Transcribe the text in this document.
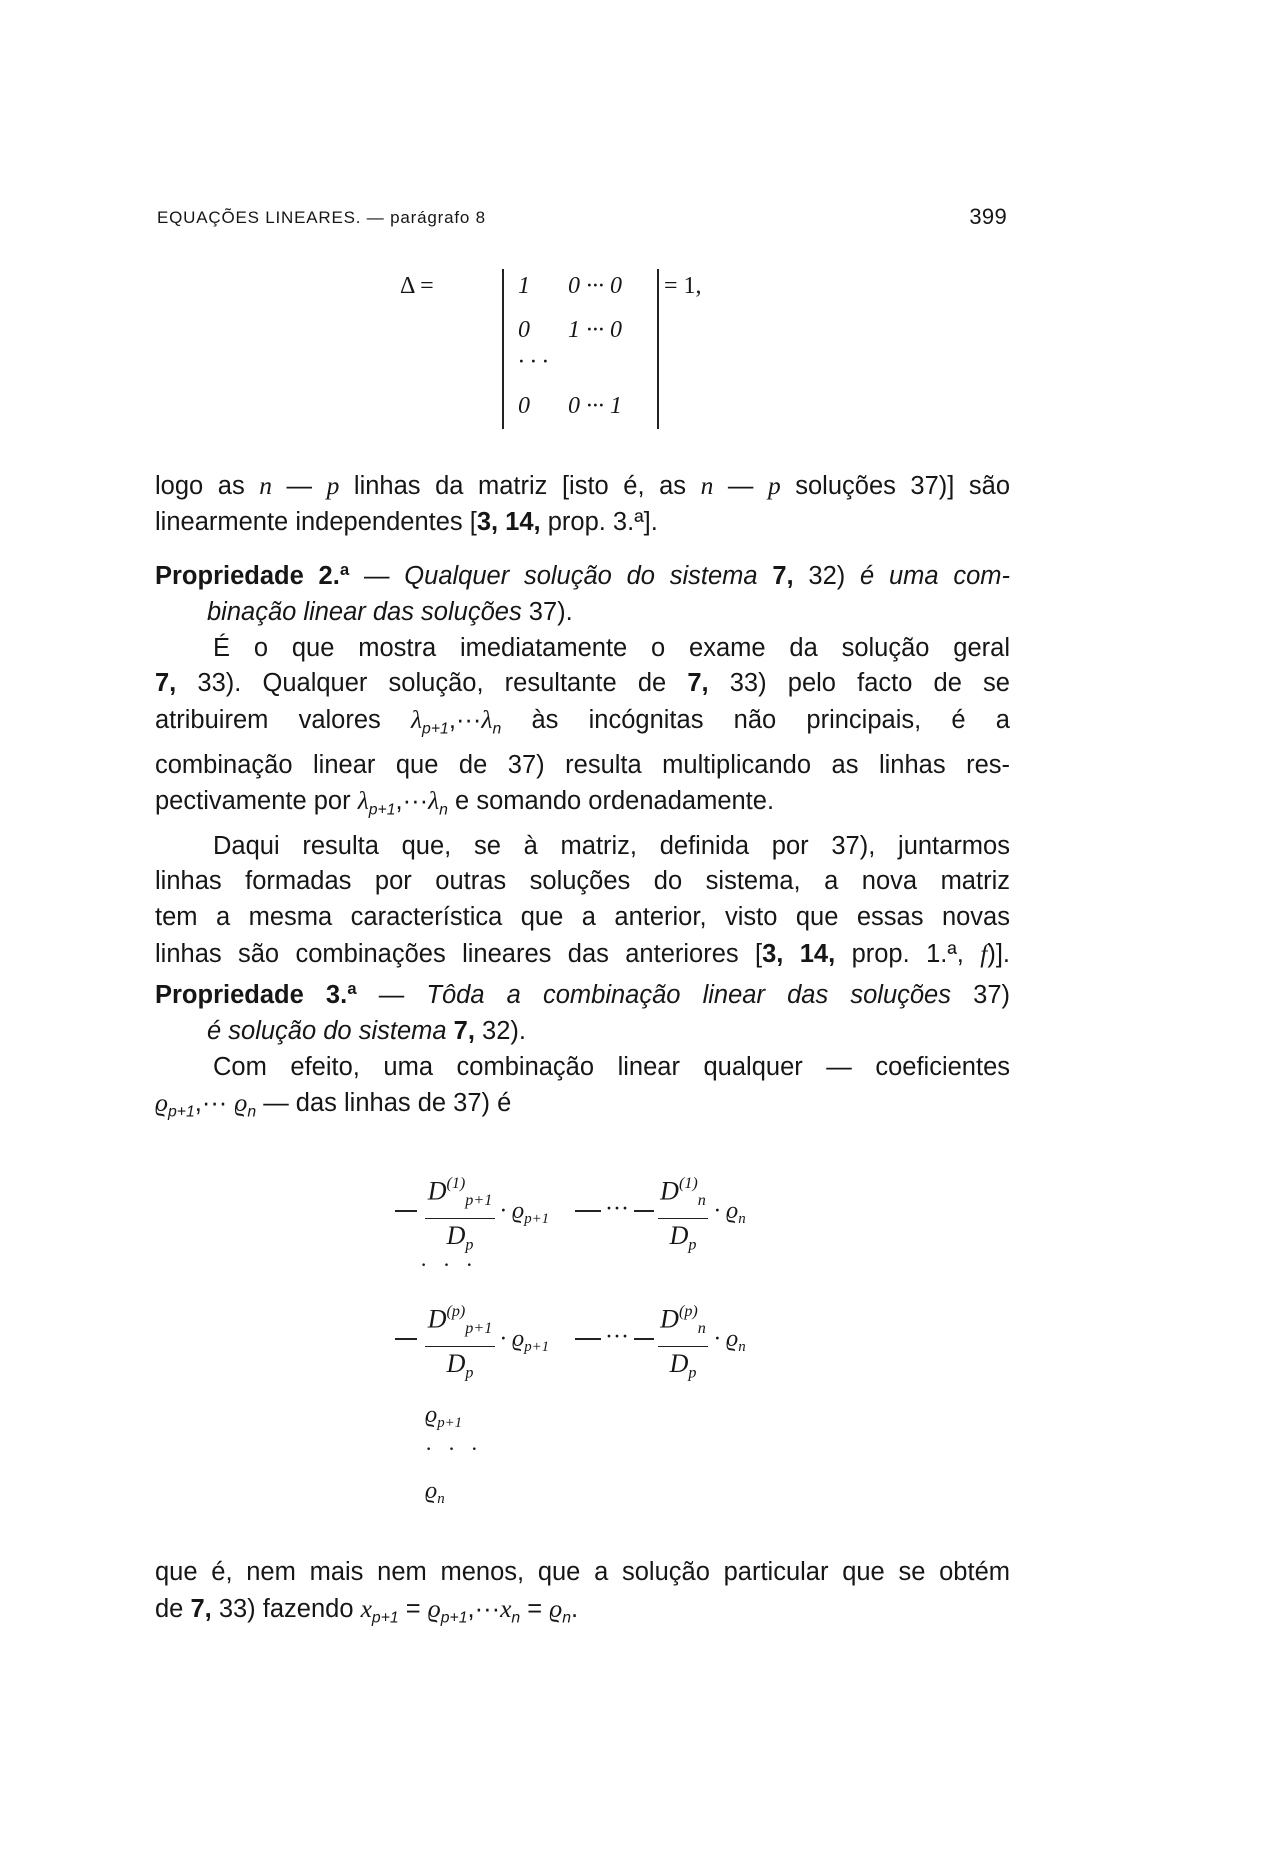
EQUAÇÕES LINEARES. — parágrafo 8	399
Δ =	1 0 ··· 0
0 1 ··· 0
· · ·
0 0 ··· 1
= 1,
logo as n — p linhas da matriz [isto é, as n — p soluções 37)] são
linearmente independentes [3, 14, prop. 3.ª].
Propriedade 2.ª — Qualquer solução do sistema 7, 32) é uma com-
binação linear das soluções 37).
É o que mostra imediatamente o exame da solução geral
7, 33). Qualquer solução, resultante de 7, 33) pelo facto de se
atribuirem valores $\lambda_{p+1},\cdot\cdot\cdot\lambda_n$ às incógnitas não principais, é a
combinação linear que de 37) resulta multiplicando as linhas res-
pectivamente por $\lambda_{p+1},\cdot\cdot\cdot\lambda_n$ e somando ordenadamente.
Daqui resulta que, se à matriz, definida por 37), juntarmos
linhas formadas por outras soluções do sistema, a nova matriz
tem a mesma característica que a anterior, visto que essas novas
linhas são combinações lineares das anteriores [3, 14, prop. 1.ª, f)].
Propriedade 3.ª — Tôda a combinação linear das soluções 37)
é solução do sistema 7, 32).
Com efeito, uma combinação linear qualquer — coeficientes
$ϱ_{p+1},\cdot\cdot\cdot ϱ_n$ — das linhas de 37) é
$D^{(1)}_{p+1}$
$D_p$
· $ϱ_{p+1}$ ···
$D^{(1)}_n$
$D_p$
· $ϱ_n$
· · ·
$D^{(p)}_{p+1}$
$D_p$
· $ϱ_{p+1}$ ···
$D^{(p)}_n$
$D_p$
· $ϱ_n$
$ϱ_{p+1}$
· · ·
$ϱ_n$
que é, nem mais nem menos, que a solução particular que se obtém
de 7, 33) fazendo $x_{p+1} = ϱ_{p+1},\cdot\cdot\cdot x_n = ϱ_n$.
